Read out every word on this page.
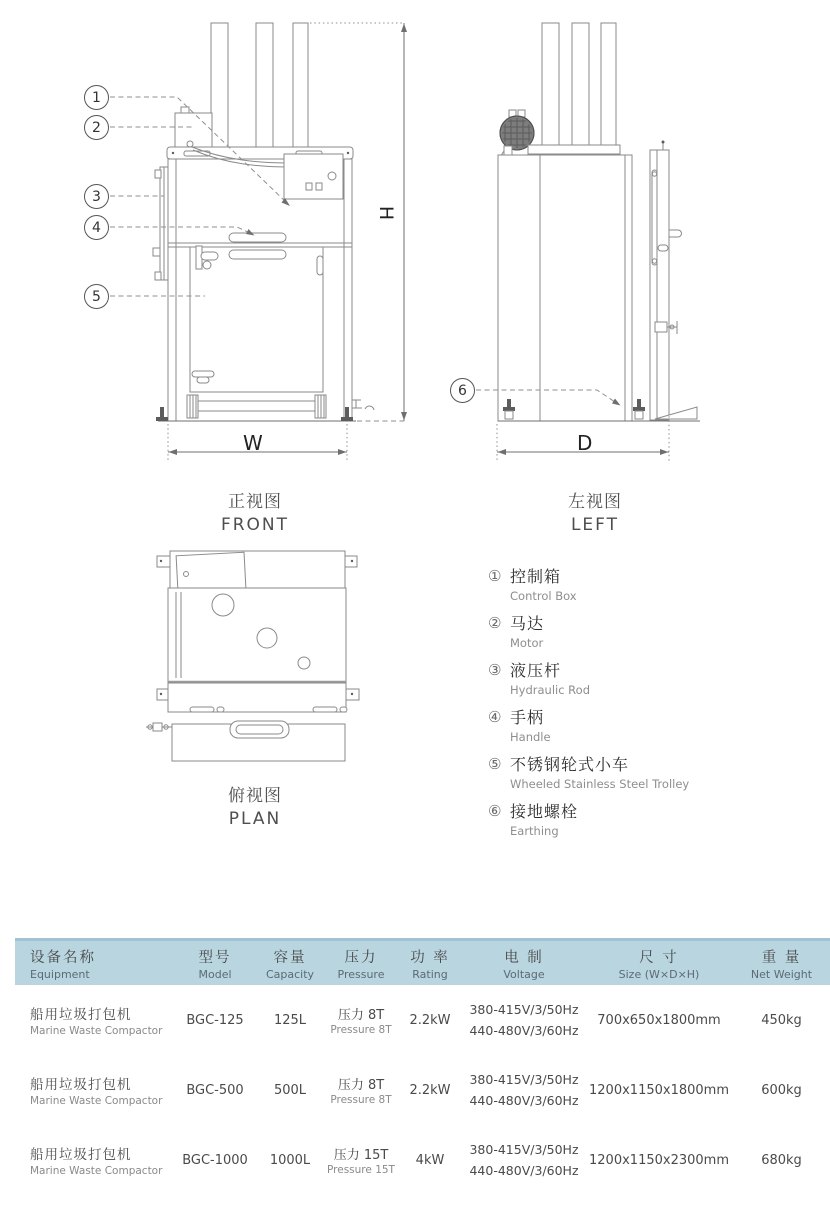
1
2
3
4
5
6
W
H
D
正视图
FRONT
左视图
LEFT
俯视图
PLAN
① 控制箱
Control Box
② 马达
Motor
③ 液压杆
Hydraulic Rod
④ 手柄
Handle
⑤ 不锈钢轮式小车
Wheeled Stainless Steel Trolley
⑥ 接地螺栓
Earthing
设备名称
Equipment
型号
Model
容量
Capacity
压力
Pressure
功 率
Rating
电 制
Voltage
尺 寸
Size (W×D×H)
重 量
Net Weight
船用垃圾打包机
Marine Waste Compactor
BGC-125 125L 压力 8T
Pressure 8T
2.2kW
380-415V/3/50Hz
440-480V/3/60Hz
700x650x1800mm	450kg
船用垃圾打包机
Marine Waste Compactor
BGC-500 500L 压力 8T
Pressure 8T
2.2kW
380-415V/3/50Hz
440-480V/3/60Hz
1200x1150x1800mm 600kg
船用垃圾打包机
Marine Waste Compactor
BGC-1000 1000L 压力 15T
Pressure 15T
4kW
380-415V/3/50Hz
440-480V/3/60Hz
1200x1150x2300mm 680kg
